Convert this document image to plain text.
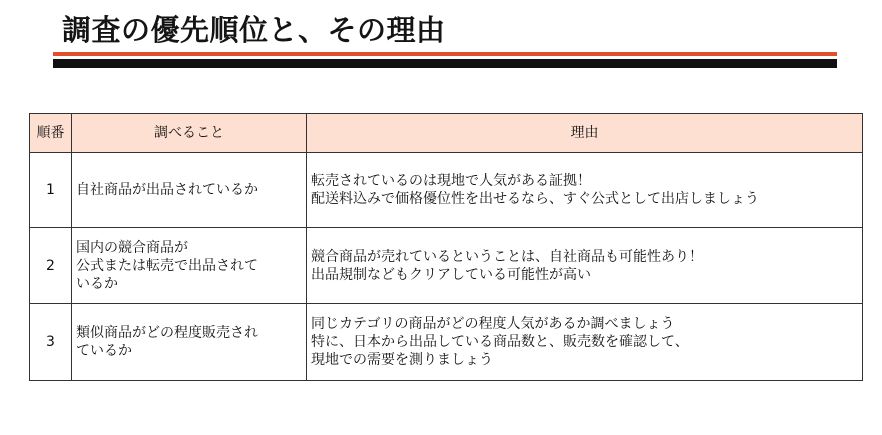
調査の優先順位と、その理由
順番	調べること	理由
1	自社商品が出品されているか	転売されているのは現地で人気がある証拠！
配送料込みで価格優位性を出せるなら、すぐ公式として出店しましょう

2	国内の競合商品が
公式または転売で出品されて
いるか	競合商品が売れているということは、自社商品も可能性あり！
出品規制などもクリアしている可能性が高い

3	類似商品がどの程度販売され
ているか	同じカテゴリの商品がどの程度人気があるか調べましょう
特に、日本から出品している商品数と、販売数を確認して、
現地での需要を測りましょう
